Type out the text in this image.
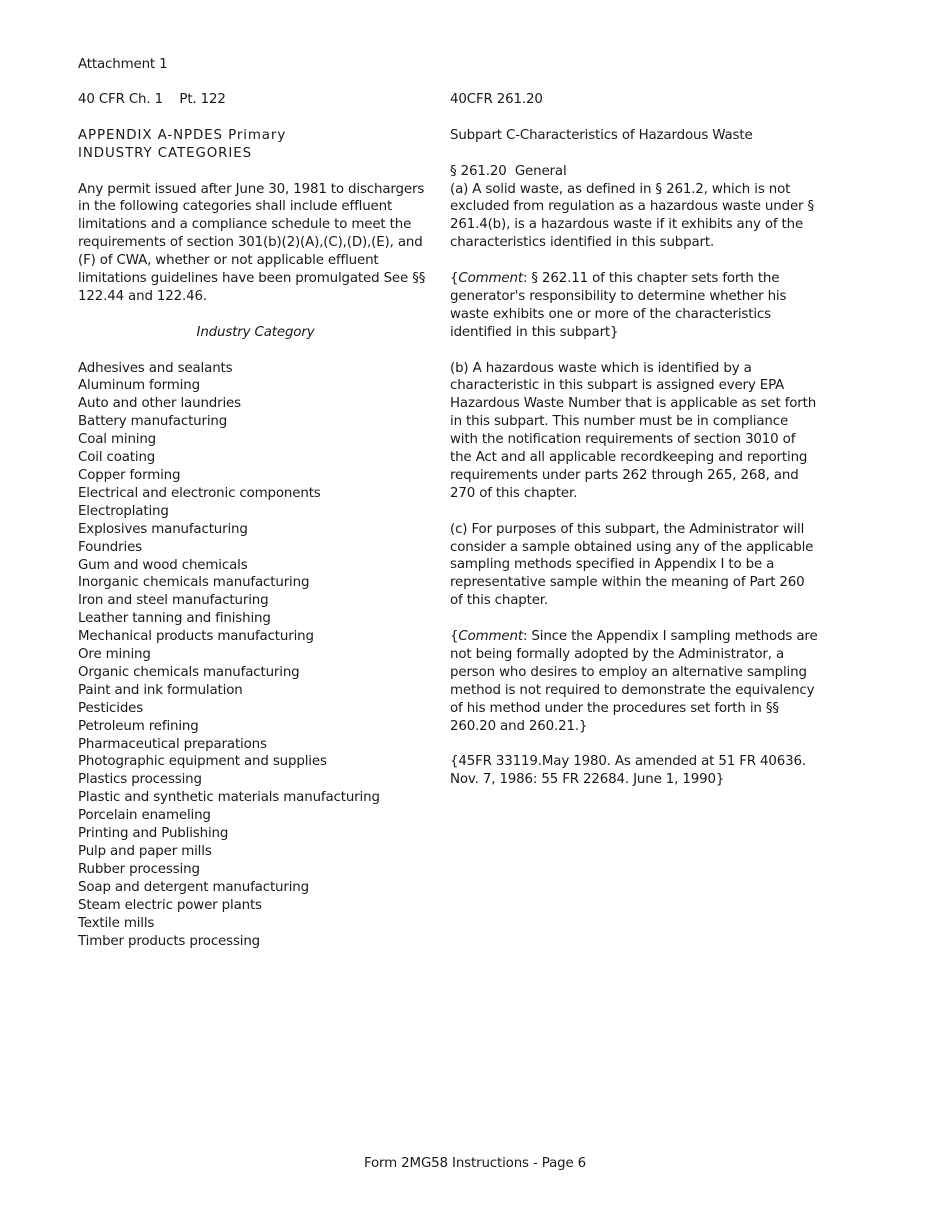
Attachment 1

40 CFR Ch. 1    Pt. 122

APPENDIX A-NPDES Primary

INDUSTRY CATEGORIES

Any permit issued after June 30, 1981 to dischargers in the following categories shall include effluent limitations and a compliance schedule to meet the requirements of section 301(b)(2)(A),(C),(D),(E), and (F) of CWA, whether or not applicable effluent limitations guidelines have been promulgated See §§ 122.44 and 122.46.

Industry Category

Adhesives and sealants
Aluminum forming
Auto and other laundries
Battery manufacturing
Coal mining
Coil coating
Copper forming
Electrical and electronic components
Electroplating
Explosives manufacturing
Foundries
Gum and wood chemicals
Inorganic chemicals manufacturing
Iron and steel manufacturing
Leather tanning and finishing
Mechanical products manufacturing
Ore mining
Organic chemicals manufacturing
Paint and ink formulation
Pesticides
Petroleum refining
Pharmaceutical preparations
Photographic equipment and supplies
Plastics processing
Plastic and synthetic materials manufacturing
Porcelain enameling
Printing and Publishing
Pulp and paper mills
Rubber processing
Soap and detergent manufacturing
Steam electric power plants
Textile mills
Timber products processing

40CFR 261.20

Subpart C-Characteristics of Hazardous Waste

§ 261.20  General

(a) A solid waste, as defined in § 261.2, which is not excluded from regulation as a hazardous waste under § 261.4(b), is a hazardous waste if it exhibits any of the characteristics identified in this subpart.

{Comment: § 262.11 of this chapter sets forth the generator's responsibility to determine whether his waste exhibits one or more of the characteristics identified in this subpart}

(b) A hazardous waste which is identified by a characteristic in this subpart is assigned every EPA Hazardous Waste Number that is applicable as set forth in this subpart. This number must be in compliance with the notification requirements of section 3010 of the Act and all applicable recordkeeping and reporting requirements under parts 262 through 265, 268, and 270 of this chapter.

(c) For purposes of this subpart, the Administrator will consider a sample obtained using any of the applicable sampling methods specified in Appendix I to be a representative sample within the meaning of Part 260 of this chapter.

{Comment: Since the Appendix I sampling methods are not being formally adopted by the Administrator, a person who desires to employ an alternative sampling method is not required to demonstrate the equivalency of his method under the procedures set forth in §§ 260.20 and 260.21.}

{45FR 33119.May 1980. As amended at 51 FR 40636. Nov. 7, 1986: 55 FR 22684. June 1, 1990}

Form 2MG58 Instructions - Page 6
